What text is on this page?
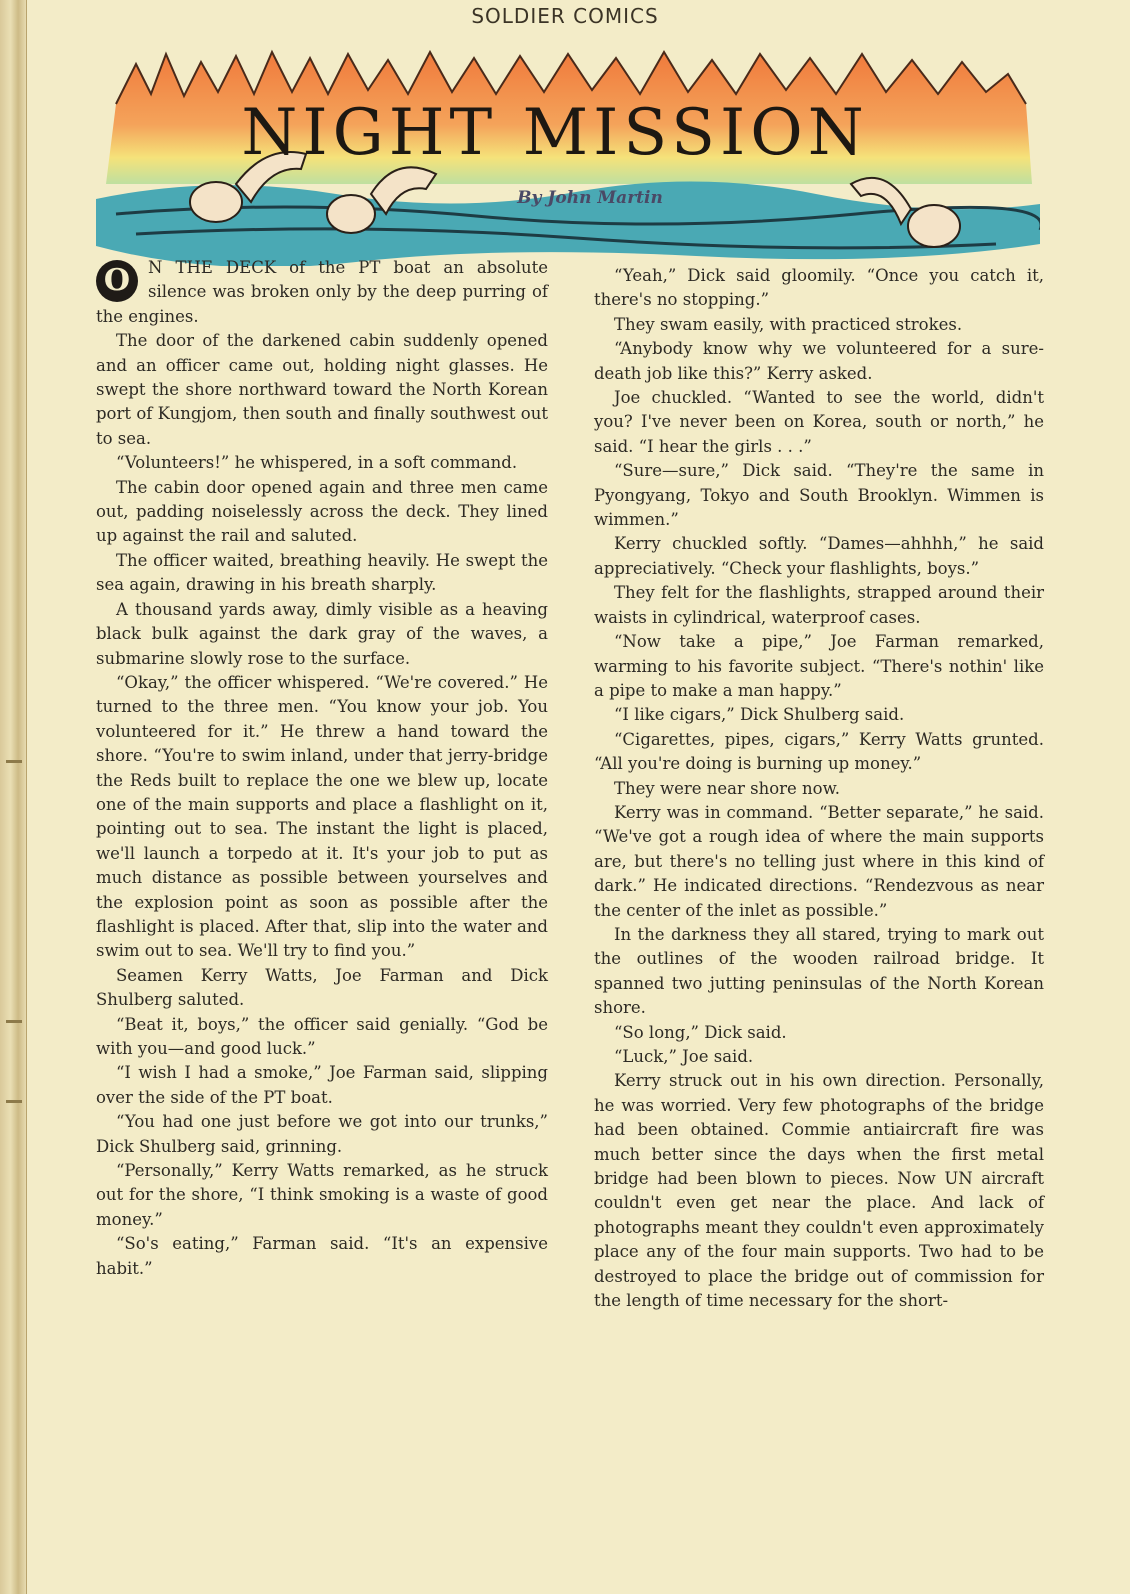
SOLDIER COMICS
NIGHT MISSION
By John Martin

O	N THE DECK of the PT boat an absolute silence was broken only by the deep purring of the engines.

The door of the darkened cabin suddenly opened and an officer came out, holding night glasses. He swept the shore northward toward the North Korean port of Kungjom, then south and finally southwest out to sea.

“Volunteers!” he whispered, in a soft command.

The cabin door opened again and three men came out, padding noiselessly across the deck. They lined up against the rail and saluted.

The officer waited, breathing heavily. He swept the sea again, drawing in his breath sharply.

A thousand yards away, dimly visible as a heaving black bulk against the dark gray of the waves, a submarine slowly rose to the surface.

“Okay,” the officer whispered. “We're covered.” He turned to the three men. “You know your job. You volunteered for it.” He threw a hand toward the shore. “You're to swim inland, under that jerry-bridge the Reds built to replace the one we blew up, locate one of the main supports and place a flashlight on it, pointing out to sea. The instant the light is placed, we'll launch a torpedo at it. It's your job to put as much distance as possible between yourselves and the explosion point as soon as possible after the flashlight is placed. After that, slip into the water and swim out to sea. We'll try to find you.”

Seamen Kerry Watts, Joe Farman and Dick Shulberg saluted.

“Beat it, boys,” the officer said genially. “God be with you—and good luck.”

“I wish I had a smoke,” Joe Farman said, slipping over the side of the PT boat.

“You had one just before we got into our trunks,” Dick Shulberg said, grinning.

“Personally,” Kerry Watts remarked, as he struck out for the shore, “I think smoking is a waste of good money.”

“So's eating,” Farman said. “It's an expensive habit.”

“Yeah,” Dick said gloomily. “Once you catch it, there's no stopping.”

They swam easily, with practiced strokes.

“Anybody know why we volunteered for a sure-death job like this?” Kerry asked.

Joe chuckled. “Wanted to see the world, didn't you? I've never been on Korea, south or north,” he said. “I hear the girls . . .”

“Sure—sure,” Dick said. “They're the same in Pyongyang, Tokyo and South Brooklyn. Wimmen is wimmen.”

Kerry chuckled softly. “Dames—ahhhh,” he said appreciatively. “Check your flashlights, boys.”

They felt for the flashlights, strapped around their waists in cylindrical, waterproof cases.

“Now take a pipe,” Joe Farman remarked, warming to his favorite subject. “There's nothin' like a pipe to make a man happy.”

“I like cigars,” Dick Shulberg said.

“Cigarettes, pipes, cigars,” Kerry Watts grunted. “All you're doing is burning up money.”

They were near shore now.

Kerry was in command. “Better separate,” he said. “We've got a rough idea of where the main supports are, but there's no telling just where in this kind of dark.” He indicated directions. “Rendezvous as near the center of the inlet as possible.”

In the darkness they all stared, trying to mark out the outlines of the wooden railroad bridge. It spanned two jutting peninsulas of the North Korean shore.

“So long,” Dick said.

“Luck,” Joe said.

Kerry struck out in his own direction. Personally, he was worried. Very few photographs of the bridge had been obtained. Commie antiaircraft fire was much better since the days when the first metal bridge had been blown to pieces. Now UN aircraft couldn't even get near the place. And lack of photographs meant they couldn't even approximately place any of the four main supports. Two had to be destroyed to place the bridge out of commission for the length of time necessary for the short-
